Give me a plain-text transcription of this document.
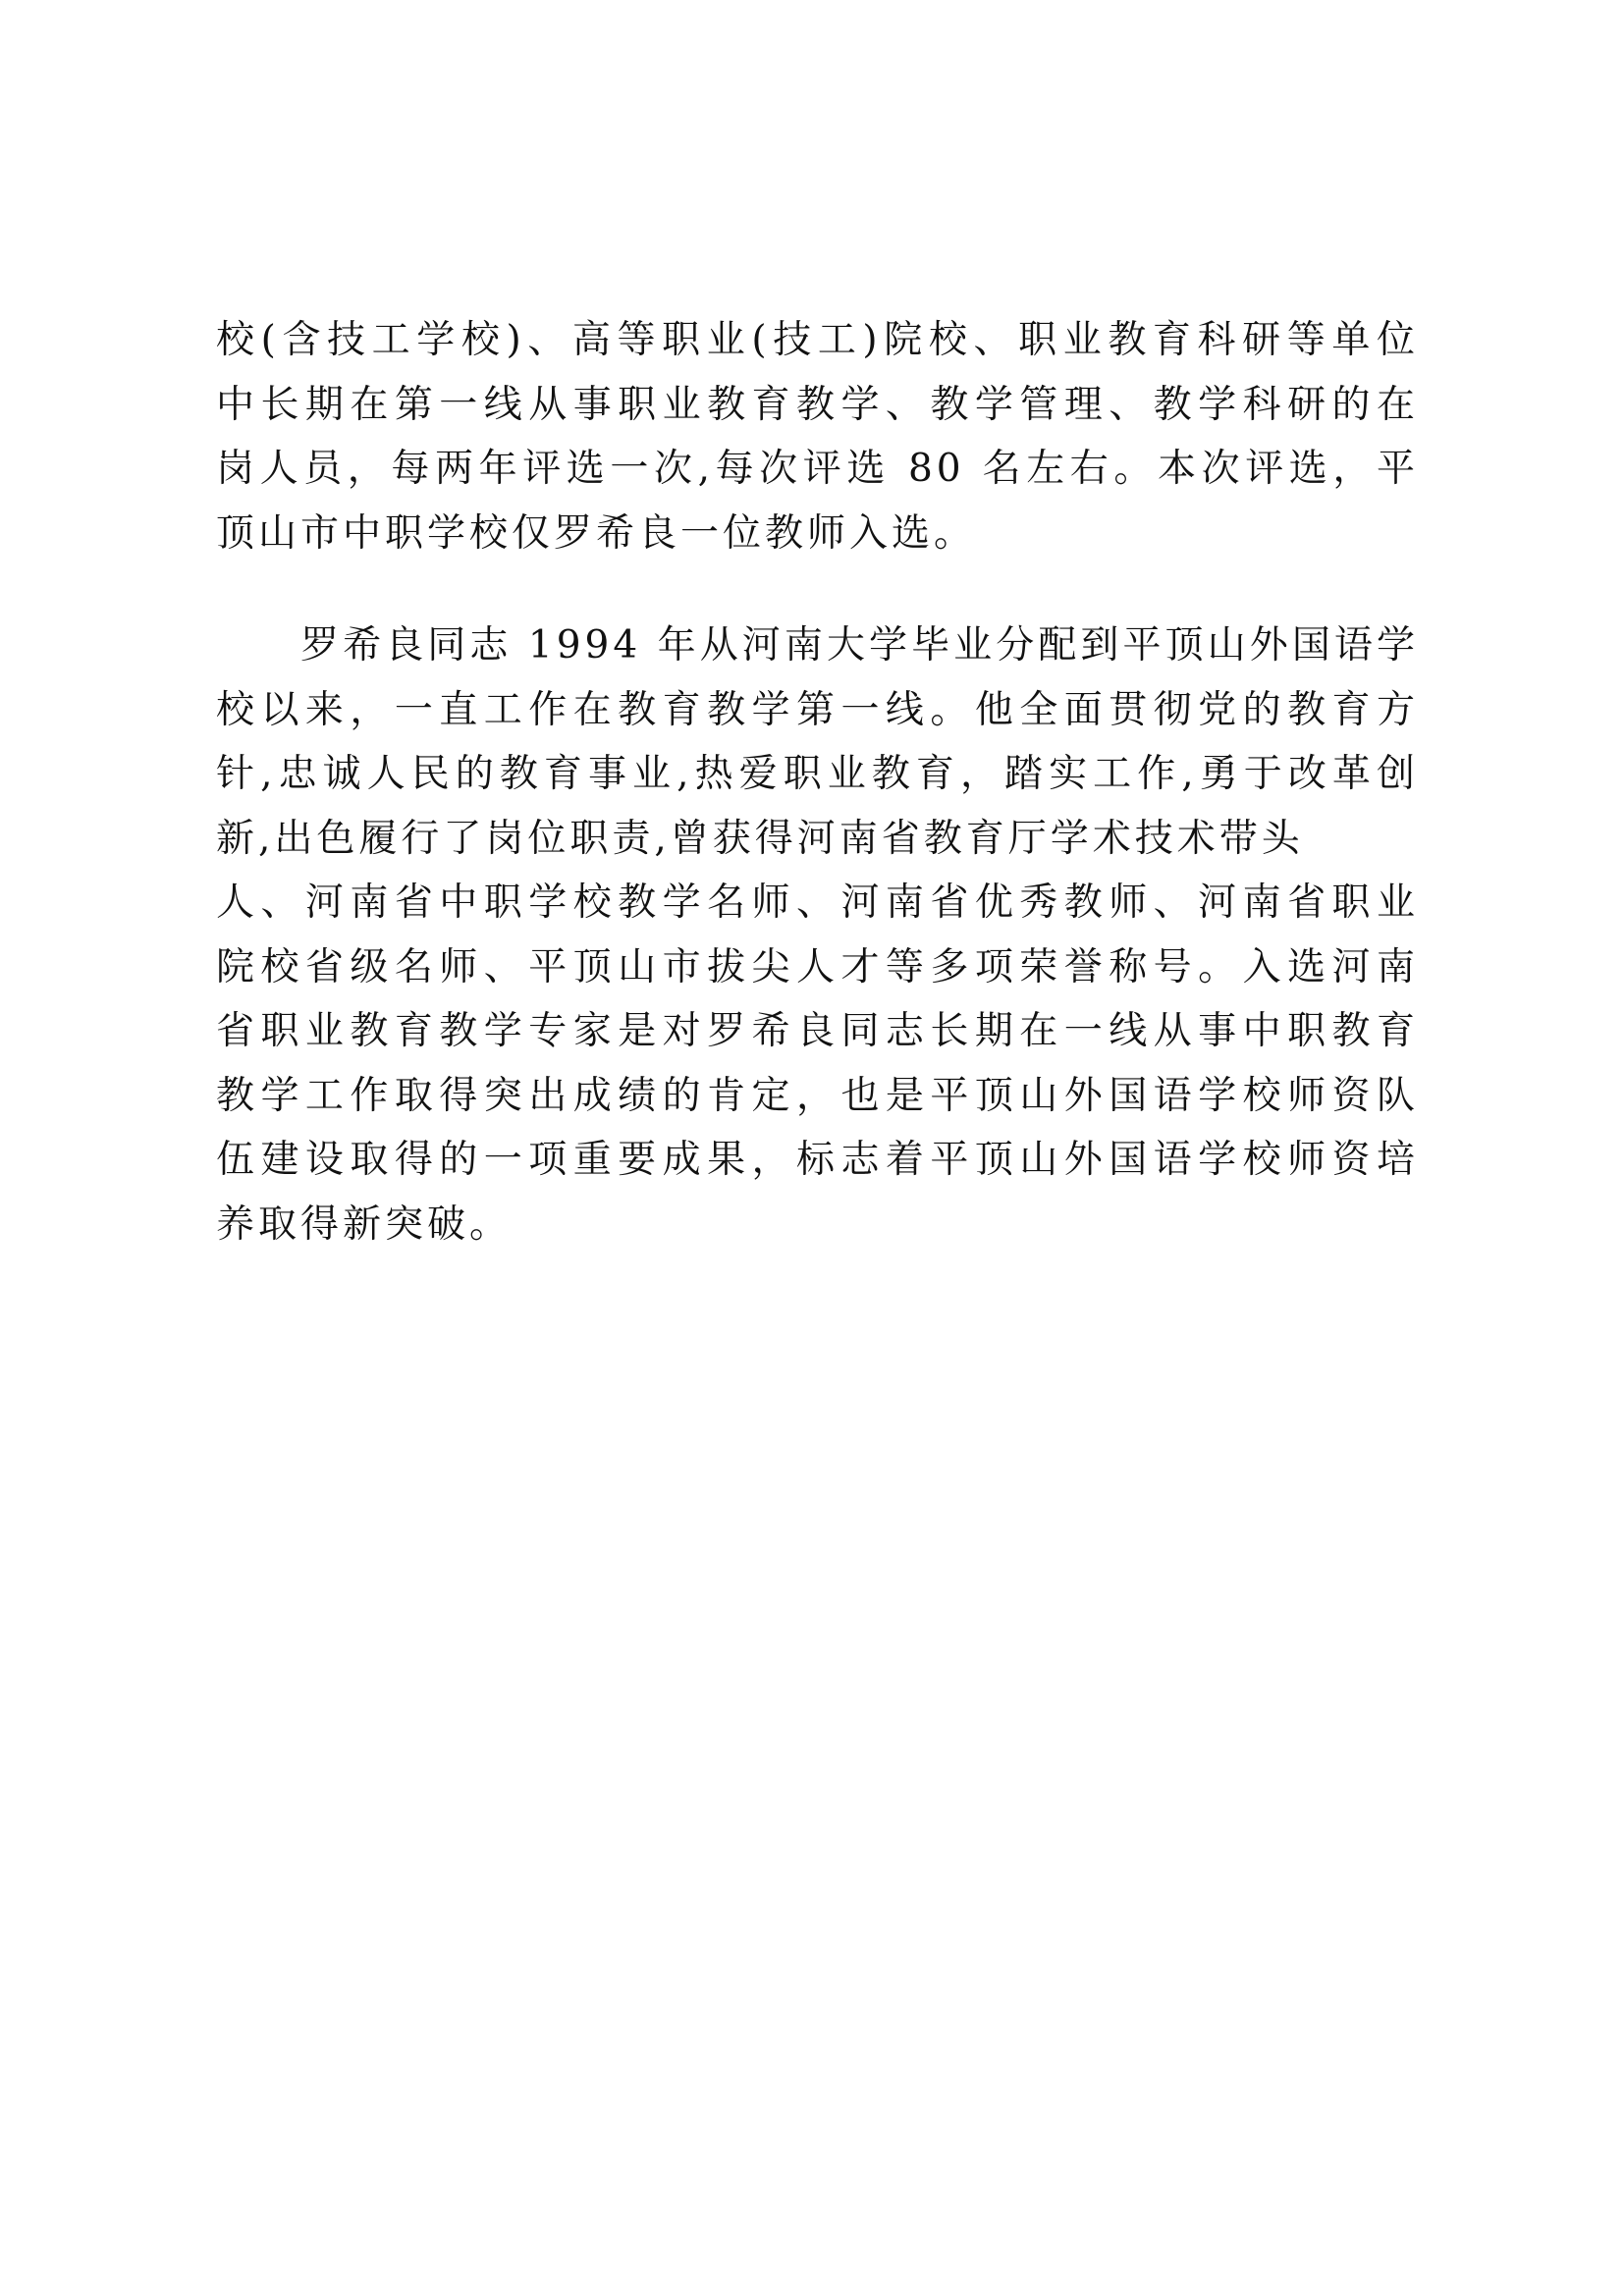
校(含技工学校)、高等职业(技工)院校、职业教育科研等单位
中长期在第一线从事职业教育教学、教学管理、教学科研的在
岗人员，每两年评选一次,每次评选 80 名左右。本次评选，平
顶山市中职学校仅罗希良一位教师入选。
罗希良同志 1994 年从河南大学毕业分配到平顶山外国语学
校以来，一直工作在教育教学第一线。他全面贯彻党的教育方
针,忠诚人民的教育事业,热爱职业教育，踏实工作,勇于改革创
新,出色履行了岗位职责,曾获得河南省教育厅学术技术带头
人、河南省中职学校教学名师、河南省优秀教师、河南省职业
院校省级名师、平顶山市拔尖人才等多项荣誉称号。入选河南
省职业教育教学专家是对罗希良同志长期在一线从事中职教育
教学工作取得突出成绩的肯定，也是平顶山外国语学校师资队
伍建设取得的一项重要成果，标志着平顶山外国语学校师资培
养取得新突破。
